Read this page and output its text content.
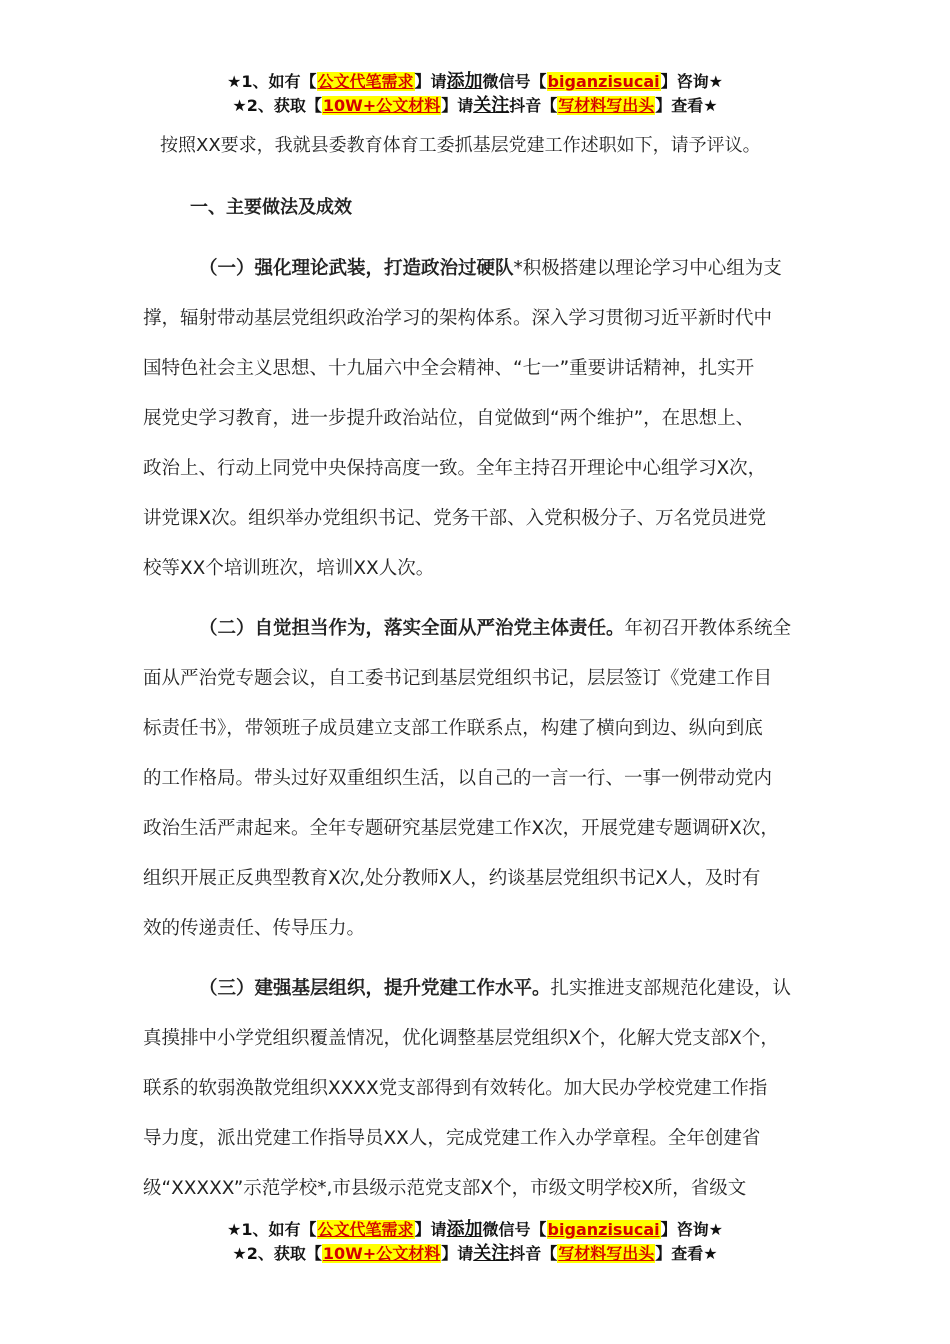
★1、如有【公文代笔需求】请添加微信号【biganzisucai】咨询★
★2、获取【10W+公文材料】请关注抖音【写材料写出头】查看★
按照XX要求，我就县委教育体育工委抓基层党建工作述职如下，请予评议。
一、主要做法及成效
（一）强化理论武装，打造政治过硬队*积极搭建以理论学习中心组为支
撑，辐射带动基层党组织政治学习的架构体系。深入学习贯彻习近平新时代中
国特色社会主义思想、十九届六中全会精神、“七一”重要讲话精神，扎实开
展党史学习教育，进一步提升政治站位，自觉做到“两个维护”，在思想上、
政治上、行动上同党中央保持高度一致。全年主持召开理论中心组学习X次，
讲党课X次。组织举办党组织书记、党务干部、入党积极分子、万名党员进党
校等XX个培训班次，培训XX人次。
（二）自觉担当作为，落实全面从严治党主体责任。年初召开教体系统全
面从严治党专题会议，自工委书记到基层党组织书记，层层签订《党建工作目
标责任书》，带领班子成员建立支部工作联系点，构建了横向到边、纵向到底
的工作格局。带头过好双重组织生活，以自己的一言一行、一事一例带动党内
政治生活严肃起来。全年专题研究基层党建工作X次，开展党建专题调研X次，
组织开展正反典型教育X次,处分教师X人，约谈基层党组织书记X人，及时有
效的传递责任、传导压力。
（三）建强基层组织，提升党建工作水平。扎实推进支部规范化建设，认
真摸排中小学党组织覆盖情况，优化调整基层党组织X个，化解大党支部X个，
联系的软弱涣散党组织XXXX党支部得到有效转化。加大民办学校党建工作指
导力度，派出党建工作指导员XX人，完成党建工作入办学章程。全年创建省
级“XXXXX”示范学校*,市县级示范党支部X个，市级文明学校X所，省级文
★1、如有【公文代笔需求】请添加微信号【biganzisucai】咨询★
★2、获取【10W+公文材料】请关注抖音【写材料写出头】查看★
